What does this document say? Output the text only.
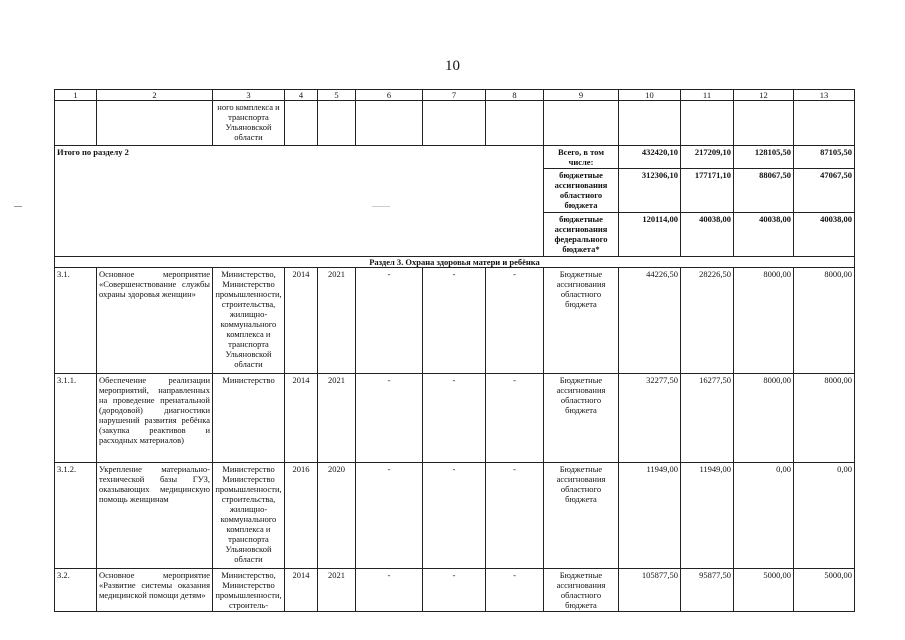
10
1	2	3	4	5	6	7	8	9	10	11	12	13
		ного комплекса и транспорта Ульяновской области										
Итого по разделу 2								Всего, в том числе:	432420,10	217209,10	128105,50	87105,50
								бюджетные ассигнования областного бюджета	312306,10	177171,10	88067,50	47067,50
								бюджетные ассигнования федерального бюджета*	120114,00	40038,00	40038,00	40038,00
Раздел 3. Охрана здоровья матери и ребёнка												
3.1.	Основное мероприятие «Совершенствование службы охраны здоровья женщин»	Министерство, Министерство промышленности, строительства, жилищно-коммунального комплекса и транспорта Ульяновской области	2014	2021	-	-	-	Бюджетные ассигнования областного бюджета	44226,50	28226,50	8000,00	8000,00
3.1.1.	Обеспечение реализации мероприятий, направленных на проведение пренатальной (дородовой) диагностики нарушений развития ребёнка (закупка реактивов и расходных материалов)	Министерство	2014	2021	-	-	-	Бюджетные ассигнования областного бюджета	32277,50	16277,50	8000,00	8000,00
3.1.2.	Укрепление материально-технической базы ГУЗ, оказывающих медицинскую помощь женщинам	Министерство Министерство промышленности, строительства, жилищно-коммунального комплекса и транспорта Ульяновской области	2016	2020	-	-	-	Бюджетные ассигнования областного бюджета	11949,00	11949,00	0,00	0,00
3.2.	Основное мероприятие «Развитие системы оказания медицинской помощи детям»	Министерство, Министерство промышленности, строитель-	2014	2021	-	-	-	Бюджетные ассигнования областного бюджета	105877,50	95877,50	5000,00	5000,00
